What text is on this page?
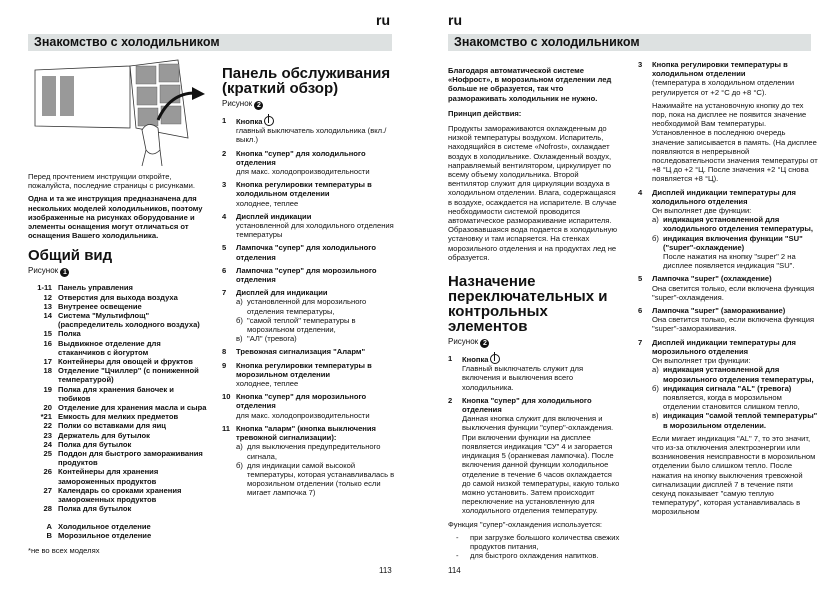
ru
Знакомство с холодильником

Перед прочтением инструкции откройте, пожалуйста, последние страницы с рисунками.

Одна и та же инструкция предназначена для нескольких моделей холодильников, поэтому изображенные на рисунках оборудование и элементы оснащения могут отличаться от оснащения Вашего холодильника.

Общий вид
Рисунок 1
1-11 Панель управления
12 Отверстия для выхода воздуха
13 Внутренее освещение
14 Система "Мультифлощ" (распределитель холодного воздуха)
15 Полка
16 Выдвижное отделение для стаканчиков с йогуртом
17 Контейнеры для овощей и фруктов
18 Отделение "Цчиллер" (с пониженной температурой)
19 Полка для хранения баночек и тюбиков
20 Отделение для хранения масла и сыра
*21 Емкость для мелких предметов
22 Полки со вставками для яиц
23 Держатель для бутылок
24 Полка для бутылок
25 Поддон для быстрого замораживания продуктов
26 Контейнеры для хранения замороженных продуктов
27 Календарь со сроками хранения замороженных продуктов
28 Полка для бутылок
A Холодильное отделение
B Морозильное отделение
*не во всех моделях
Панель обслуживания (краткий обзор)
Рисунок 2
1	Кнопка
главный выключатель холодильника (вкл./выкл.)
2	Кнопка "супер" для холодильного отделения
для макс. холодопроизводительности
3	Кнопка регулировки температуры в холодильном отделении
холоднее, теплее
4	Дисплей индикации
установленной для холодильного отделения температуры
5	Лампочка "супер" для холодильного отделения
6	Лампочка "супер" для морозильного отделения
7	Дисплей для индикации
а) установленной для морозильного отделения температуры,
б) "самой теплой" температуры в морозильном отделении,
в) "АЛ" (тревога)
8	Тревожная сигнализация "Аларм"
9	Кнопка регулировки температуры в морозильном отделении
холоднее, теплее
10 Кнопка "супер" для морозильного отделения
для макс. холодопроизводительности
11 Кнопка "аларм" (кнопка выключения тревожной сигнализации):
а) для выключения предупредительного сигнала,
б) для индикации самой высокой температуры, которая устанавливалась в морозильном отделении (только если мигает лампочка 7)
113
ru
Знакомство с холодильником

Благодаря автоматической системе «Нофрост», в морозильном отделении лед больше не образуется, так что размораживать холодильник не нужно.

Принцип действия:

Продукты замораживаются охлажденным до низкой температуры воздухом. Испаритель, находящийся в системе «Nofrost», охлаждает воздух в холодильнике. Охлажденный воздух, направляемый вентилятором, циркулирует по всему объему холодильника. Второй вентилятор служит для циркуляции воздуха в холодильном отделении. Влага, содержащаяся в воздухе, осаждается на испарителе. В случае необходимости системой проводится автоматическое размораживание испарителя. Образовавшаяся вода подается в холодильную установку и там испаряется. На стенках морозильного отделения и на продуктах лед не образуется.

Назначение переключательных и контрольных элементов
Рисунок 2
1	Кнопка
Главный выключатель служит для включения и выключения всего холодильника.
2	Кнопка "супер" для холодильного отделения
Данная кнопка служит для включения и выключения функции "супер"-охлаждения. При включении функции на дисплее появляется индикация "СУ" 4 и загорается индикация 5 (оранжевая лампочка). После включения данной функции холодильное отделение в течение 6 часов охлаждается до самой низкой температуры, какую только можно установить. Затем происходит переключение на установленную для холодильного отделения температуру.

Функция "супер"-охлаждения используется:

-	при загрузке большого количества свежих продуктов питания,
-	для быстрого охлаждения напитков.
3	Кнопка регулировки температуры в холодильном отделении
(температура в холодильном отделении регулируется от +2 °C до +8 °C).
Нажимайте на установочную кнопку до тех пор, пока на дисплее не появится значение необходимой Вам температуры. Установленное в последнюю очередь значение записывается в память. (На дисплее появляются в непрерывной последовательности значения температуры от +8 °Ц до +2 °Ц. После значения +2 °Ц снова появляется +8 °Ц).
4	Дисплей индикации температуры для холодильного отделения
Он выполняет две функции:
а) индикация установленной для холодильного отделения температуры,
б) индикация включения функции "SU" ("super"-охлаждение)
После нажатия на кнопку "super" 2 на дисплее появляется индикация "SU".
5	Лампочка "super" (охлаждение)
Она светится только, если включена функция "super"-охлаждения.
6	Лампочка "super" (замораживание)
Она светится только, если включена функция "super"-замораживания.
7	Дисплей индикации температуры для морозильного отделения
Он выполняет три функции:
а) индикация установленной для морозильного отделения температуры,
б) индикация сигнала "AL" (тревога)
появляется, когда в морозильном отделении становится слишком тепло,
в) индикация "самой теплой температуры" в морозильном отделении.
Если мигает индикация "AL" 7, то это значит, что из-за отключения электроэнергии или возникновения неисправности в морозильном отделении было слишком тепло. После нажатия на кнопку выключения тревожной сигнализации дисплей 7 в течение пяти секунд показывает "самую теплую температуру", которая устанавливалась в морозильном
114
